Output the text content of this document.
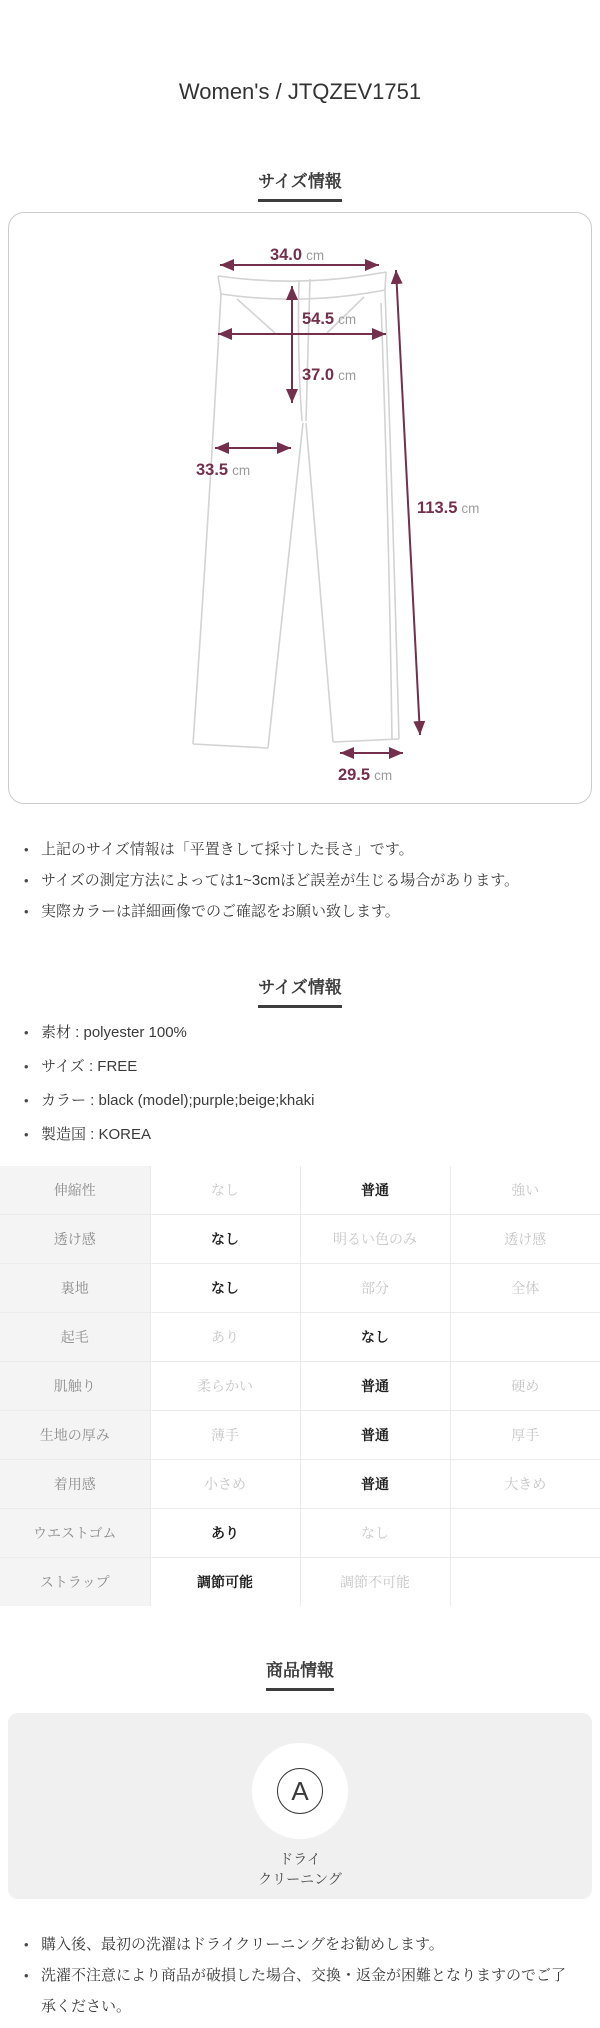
Women's / JTQZEV1751
サイズ情報
34.0 cm
54.5 cm
37.0 cm
33.5 cm
113.5 cm
29.5 cm
• 上記のサイズ情報は「平置きして採寸した長さ」です。
• サイズの測定方法によっては1~3cmほど誤差が生じる場合があります。
• 実際カラーは詳細画像でのご確認をお願い致します。
サイズ情報
• 素材 : polyester 100%
• サイズ : FREE
• カラー : black (model);purple;beige;khaki
• 製造国 : KOREA
伸縮性	なし	普通	強い
透け感	なし	明るい色のみ	透け感
裏地	なし	部分	全体
起毛	あり	なし	
肌触り	柔らかい	普通	硬め
生地の厚み	薄手	普通	厚手
着用感	小さめ	普通	大きめ
ウエストゴム	あり	なし	
ストラップ	調節可能	調節不可能	
商品情報
A
ドライ
クリーニング
• 購入後、最初の洗濯はドライクリーニングをお勧めします。
• 洗濯不注意により商品が破損した場合、交換・返金が困難となりますのでご了承ください。
